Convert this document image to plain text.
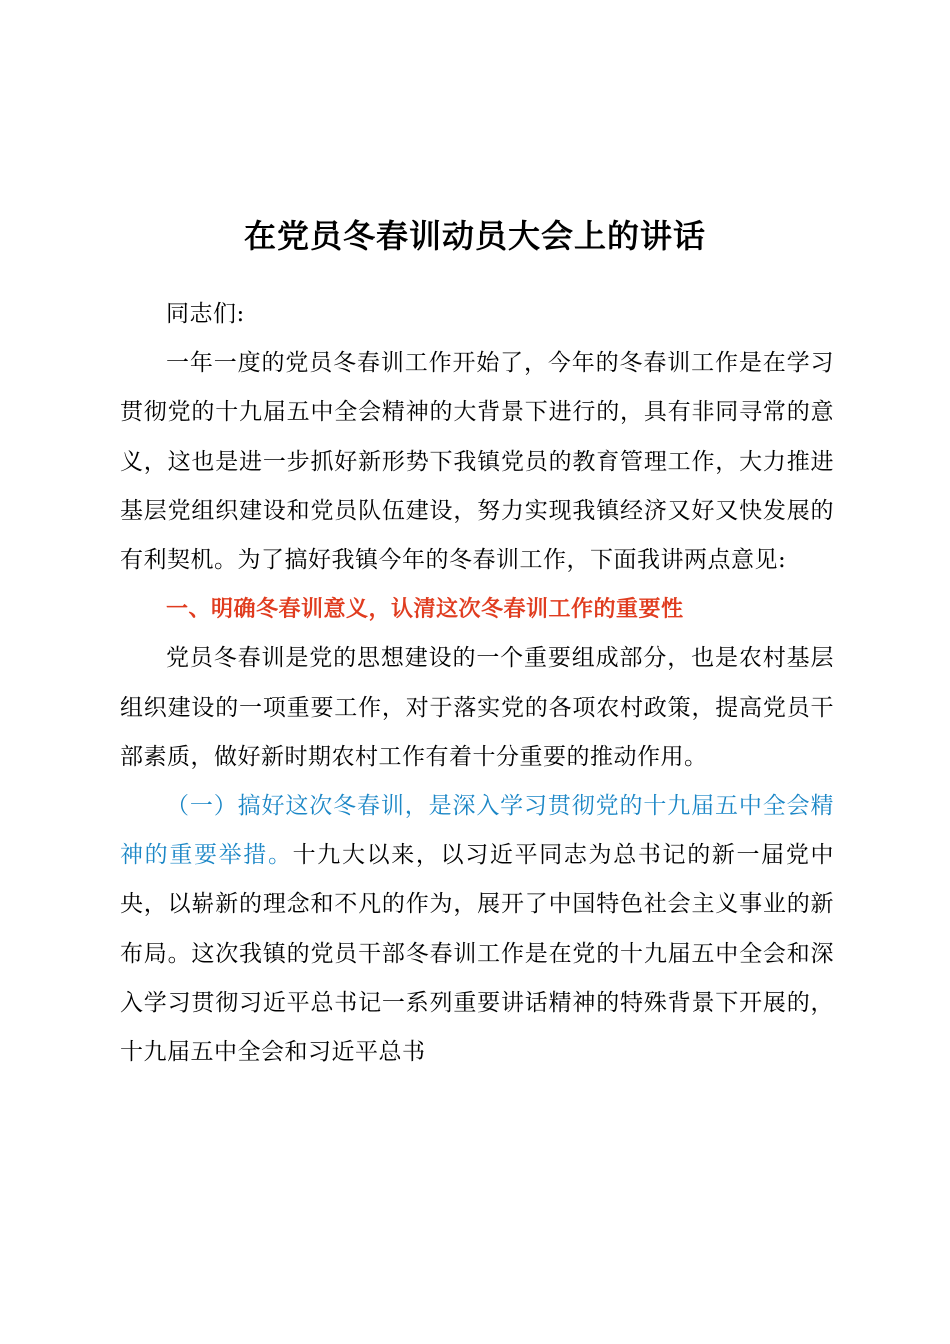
在党员冬春训动员大会上的讲话

同志们:

一年一度的党员冬春训工作开始了，今年的冬春训工作是在学习贯彻党的十九届五中全会精神的大背景下进行的，具有非同寻常的意义，这也是进一步抓好新形势下我镇党员的教育管理工作，大力推进基层党组织建设和党员队伍建设，努力实现我镇经济又好又快发展的有利契机。为了搞好我镇今年的冬春训工作，下面我讲两点意见:

一、明确冬春训意义，认清这次冬春训工作的重要性

党员冬春训是党的思想建设的一个重要组成部分，也是农村基层组织建设的一项重要工作，对于落实党的各项农村政策，提高党员干部素质，做好新时期农村工作有着十分重要的推动作用。

（一）搞好这次冬春训，是深入学习贯彻党的十九届五中全会精神的重要举措。十九大以来，以习近平同志为总书记的新一届党中央，以崭新的理念和不凡的作为，展开了中国特色社会主义事业的新布局。这次我镇的党员干部冬春训工作是在党的十九届五中全会和深入学习贯彻习近平总书记一系列重要讲话精神的特殊背景下开展的，十九届五中全会和习近平总书
